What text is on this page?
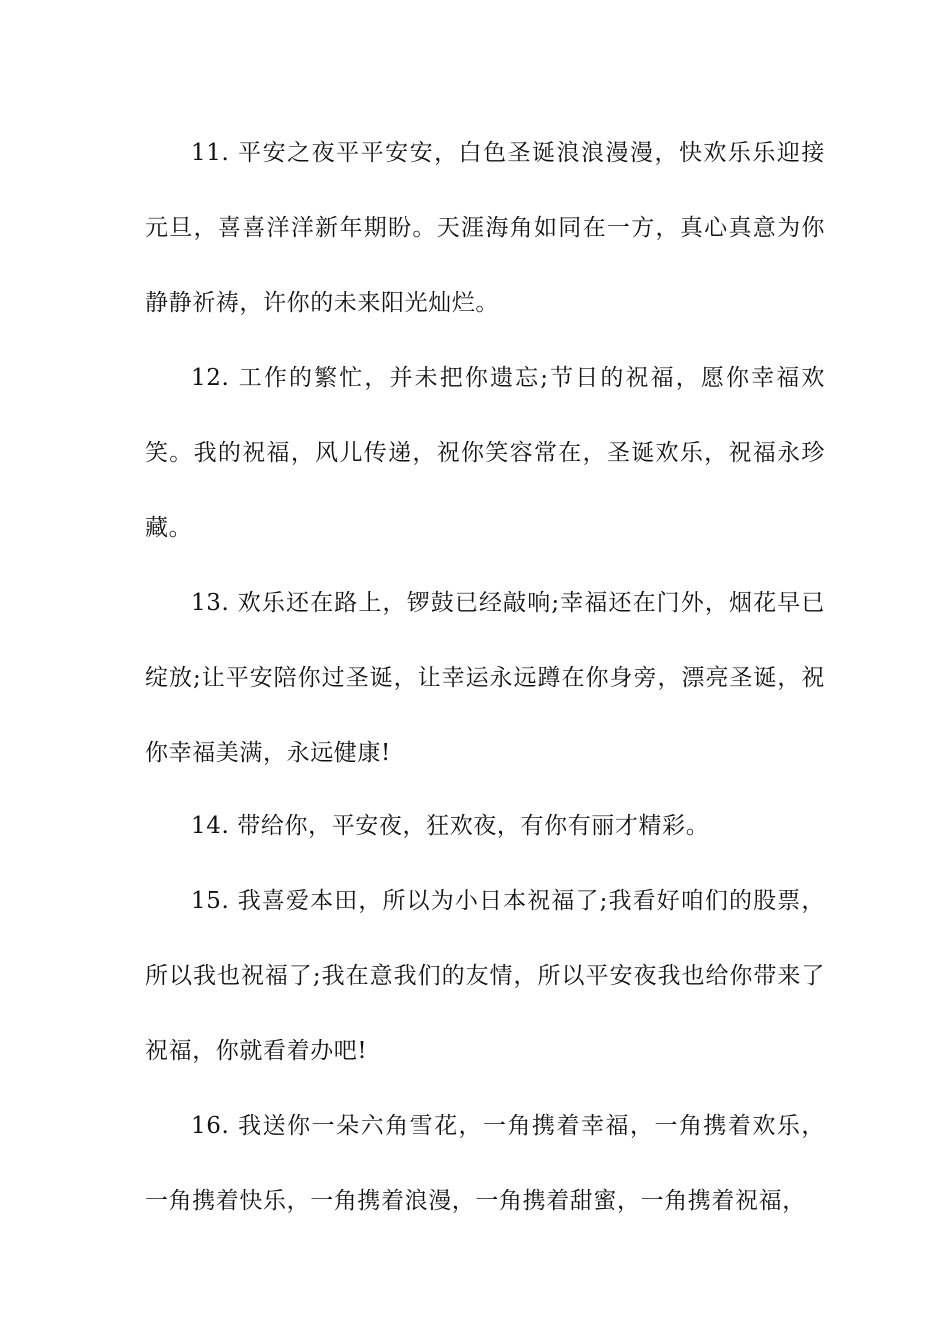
11. 平安之夜平平安安，白色圣诞浪浪漫漫，快欢乐乐迎接元旦，喜喜洋洋新年期盼。天涯海角如同在一方，真心真意为你静静祈祷，许你的未来阳光灿烂。

12. 工作的繁忙，并未把你遗忘;节日的祝福，愿你幸福欢笑。我的祝福，风儿传递，祝你笑容常在，圣诞欢乐，祝福永珍藏。

13. 欢乐还在路上，锣鼓已经敲响;幸福还在门外，烟花早已绽放;让平安陪你过圣诞，让幸运永远蹲在你身旁，漂亮圣诞，祝你幸福美满，永远健康!

14. 带给你，平安夜，狂欢夜，有你有丽才精彩。

15. 我喜爱本田，所以为小日本祝福了;我看好咱们的股票，所以我也祝福了;我在意我们的友情，所以平安夜我也给你带来了祝福，你就看着办吧!

16. 我送你一朵六角雪花，一角携着幸福，一角携着欢乐，一角携着快乐，一角携着浪漫，一角携着甜蜜，一角携着祝福，
